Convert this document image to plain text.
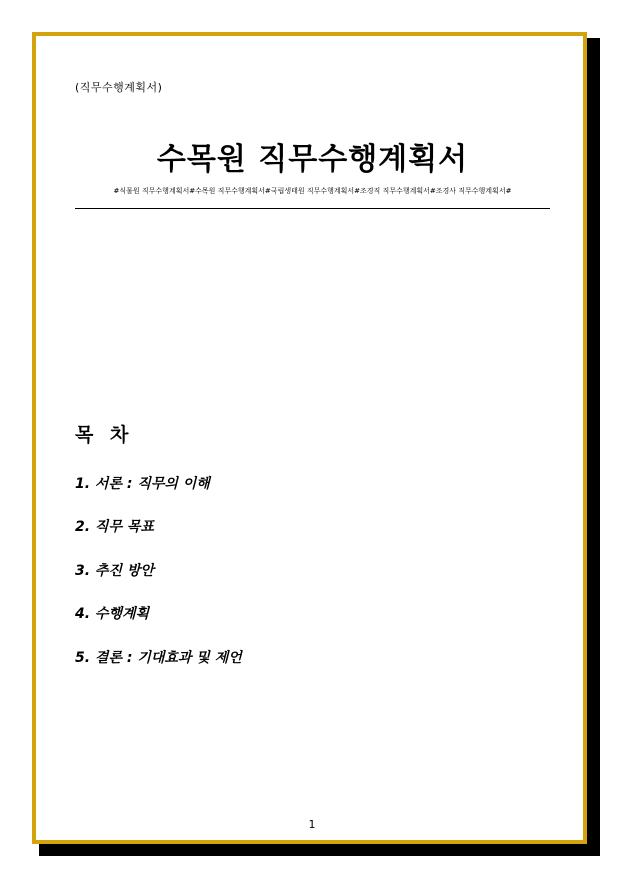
(직무수행계획서)
수목원 직무수행계획서
#식물원 직무수행계획서#수목원 직무수행계획서#국립생태원 직무수행계획서#조경직 직무수행계획서#조경사 직무수행계획서#
목 차
1. 서론 : 직무의 이해
2. 직무 목표
3. 추진 방안
4. 수행계획
5. 결론 : 기대효과 및 제언
1
